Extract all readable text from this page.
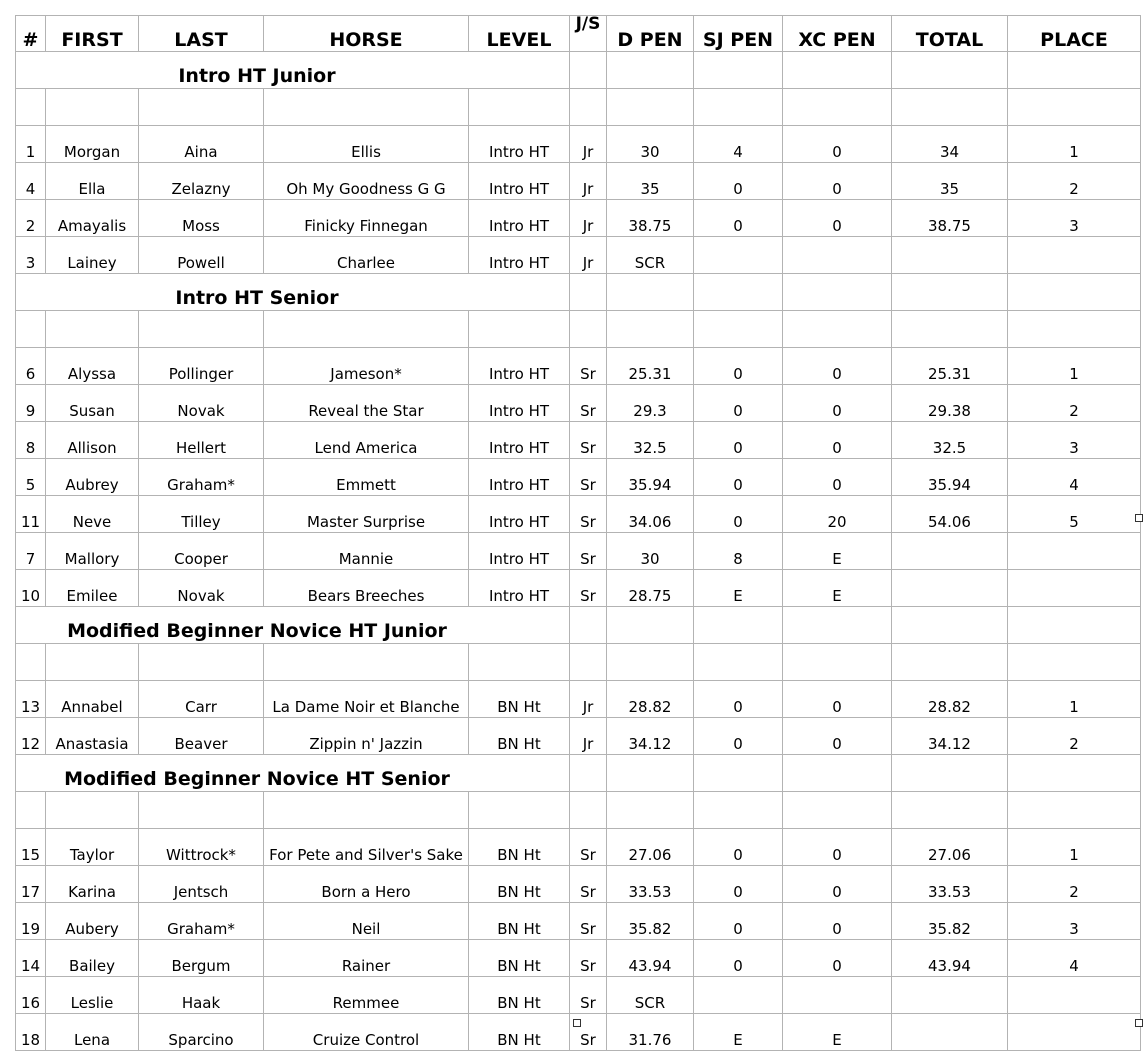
#	FIRST	LAST	HORSE	LEVEL	J/S	D PEN	SJ PEN	XC PEN	TOTAL	PLACE
	Intro HT Junior									

1	Morgan	Aina	Ellis	Intro HT	Jr	30	4	0	34	1
4	Ella	Zelazny	Oh My Goodness G G	Intro HT	Jr	35	0	0	35	2
2	Amayalis	Moss	Finicky Finnegan	Intro HT	Jr	38.75	0	0	38.75	3
3	Lainey	Powell	Charlee	Intro HT	Jr	SCR				
	Intro HT Senior									

6	Alyssa	Pollinger	Jameson*	Intro HT	Sr	25.31	0	0	25.31	1
9	Susan	Novak	Reveal the Star	Intro HT	Sr	29.3	0	0	29.38	2
8	Allison	Hellert	Lend America	Intro HT	Sr	32.5	0	0	32.5	3
5	Aubrey	Graham*	Emmett	Intro HT	Sr	35.94	0	0	35.94	4
11	Neve	Tilley	Master Surprise	Intro HT	Sr	34.06	0	20	54.06	5
7	Mallory	Cooper	Mannie	Intro HT	Sr	30	8	E		
10	Emilee	Novak	Bears Breeches	Intro HT	Sr	28.75	E	E		
	Modified Beginner Novice HT Junior									

13	Annabel	Carr	La Dame Noir et Blanche	BN Ht	Jr	28.82	0	0	28.82	1
12	Anastasia	Beaver	Zippin n' Jazzin	BN Ht	Jr	34.12	0	0	34.12	2
	Modified Beginner Novice HT Senior									

15	Taylor	Wittrock*	For Pete and Silver's Sake	BN Ht	Sr	27.06	0	0	27.06	1
17	Karina	Jentsch	Born a Hero	BN Ht	Sr	33.53	0	0	33.53	2
19	Aubery	Graham*	Neil	BN Ht	Sr	35.82	0	0	35.82	3
14	Bailey	Bergum	Rainer	BN Ht	Sr	43.94	0	0	43.94	4
16	Leslie	Haak	Remmee	BN Ht	Sr	SCR				
18	Lena	Sparcino	Cruize Control	BN Ht	Sr	31.76	E	E		
